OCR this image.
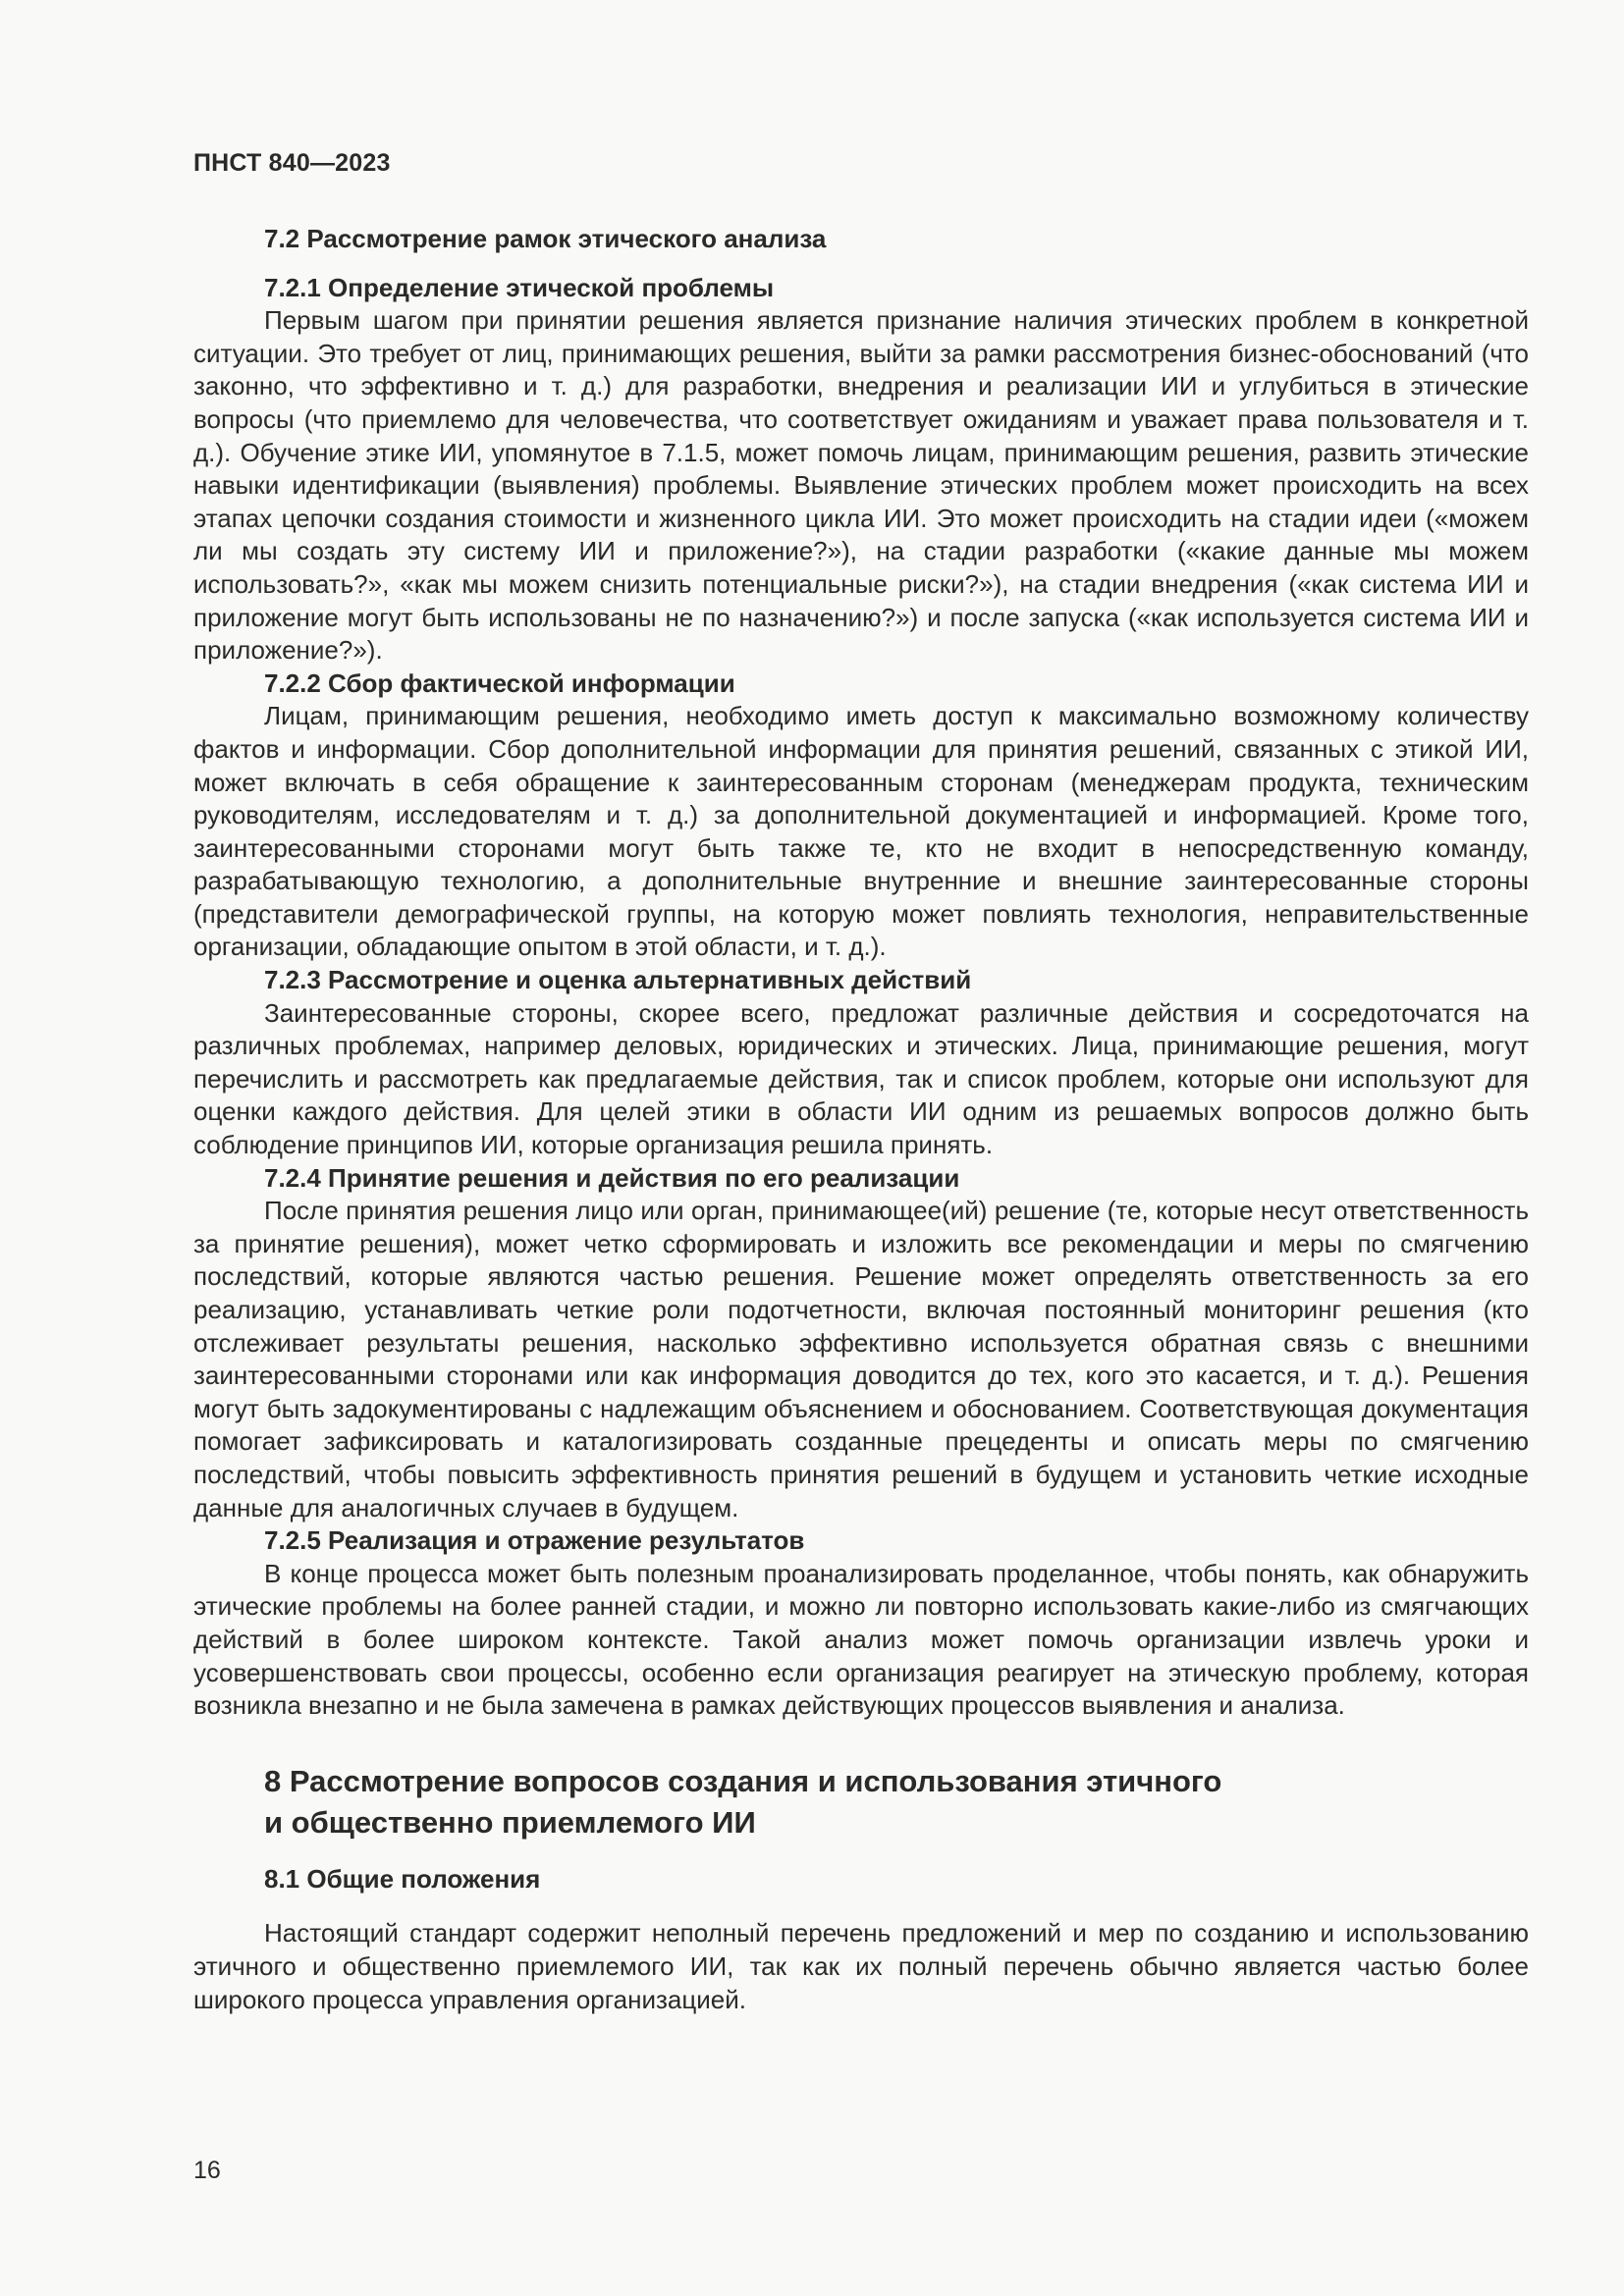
ПНСТ 840—2023
7.2 Рассмотрение рамок этического анализа
7.2.1 Определение этической проблемы
Первым шагом при принятии решения является признание наличия этических проблем в конкретной ситуации. Это требует от лиц, принимающих решения, выйти за рамки рассмотрения бизнес-обоснований (что законно, что эффективно и т. д.) для разработки, внедрения и реализации ИИ и углубиться в этические вопросы (что приемлемо для человечества, что соответствует ожиданиям и уважает права пользователя и т. д.). Обучение этике ИИ, упомянутое в 7.1.5, может помочь лицам, принимающим решения, развить этические навыки идентификации (выявления) проблемы. Выявление этических проблем может происходить на всех этапах цепочки создания стоимости и жизненного цикла ИИ. Это может происходить на стадии идеи («можем ли мы создать эту систему ИИ и приложение?»), на стадии разработки («какие данные мы можем использовать?», «как мы можем снизить потенциальные риски?»), на стадии внедрения («как система ИИ и приложение могут быть использованы не по назначению?») и после запуска («как используется система ИИ и приложение?»).
7.2.2 Сбор фактической информации
Лицам, принимающим решения, необходимо иметь доступ к максимально возможному количеству фактов и информации. Сбор дополнительной информации для принятия решений, связанных с этикой ИИ, может включать в себя обращение к заинтересованным сторонам (менеджерам продукта, техническим руководителям, исследователям и т. д.) за дополнительной документацией и информацией. Кроме того, заинтересованными сторонами могут быть также те, кто не входит в непосредственную команду, разрабатывающую технологию, а дополнительные внутренние и внешние заинтересованные стороны (представители демографической группы, на которую может повлиять технология, неправительственные организации, обладающие опытом в этой области, и т. д.).
7.2.3 Рассмотрение и оценка альтернативных действий
Заинтересованные стороны, скорее всего, предложат различные действия и сосредоточатся на различных проблемах, например деловых, юридических и этических. Лица, принимающие решения, могут перечислить и рассмотреть как предлагаемые действия, так и список проблем, которые они используют для оценки каждого действия. Для целей этики в области ИИ одним из решаемых вопросов должно быть соблюдение принципов ИИ, которые организация решила принять.
7.2.4 Принятие решения и действия по его реализации
После принятия решения лицо или орган, принимающее(ий) решение (те, которые несут ответственность за принятие решения), может четко сформировать и изложить все рекомендации и меры по смягчению последствий, которые являются частью решения. Решение может определять ответственность за его реализацию, устанавливать четкие роли подотчетности, включая постоянный мониторинг решения (кто отслеживает результаты решения, насколько эффективно используется обратная связь с внешними заинтересованными сторонами или как информация доводится до тех, кого это касается, и т. д.). Решения могут быть задокументированы с надлежащим объяснением и обоснованием. Соответствующая документация помогает зафиксировать и каталогизировать созданные прецеденты и описать меры по смягчению последствий, чтобы повысить эффективность принятия решений в будущем и установить четкие исходные данные для аналогичных случаев в будущем.
7.2.5 Реализация и отражение результатов
В конце процесса может быть полезным проанализировать проделанное, чтобы понять, как обнаружить этические проблемы на более ранней стадии, и можно ли повторно использовать какие-либо из смягчающих действий в более широком контексте. Такой анализ может помочь организации извлечь уроки и усовершенствовать свои процессы, особенно если организация реагирует на этическую проблему, которая возникла внезапно и не была замечена в рамках действующих процессов выявления и анализа.
8 Рассмотрение вопросов создания и использования этичного
и общественно приемлемого ИИ
8.1 Общие положения
Настоящий стандарт содержит неполный перечень предложений и мер по созданию и использованию этичного и общественно приемлемого ИИ, так как их полный перечень обычно является частью более широкого процесса управления организацией.
16
